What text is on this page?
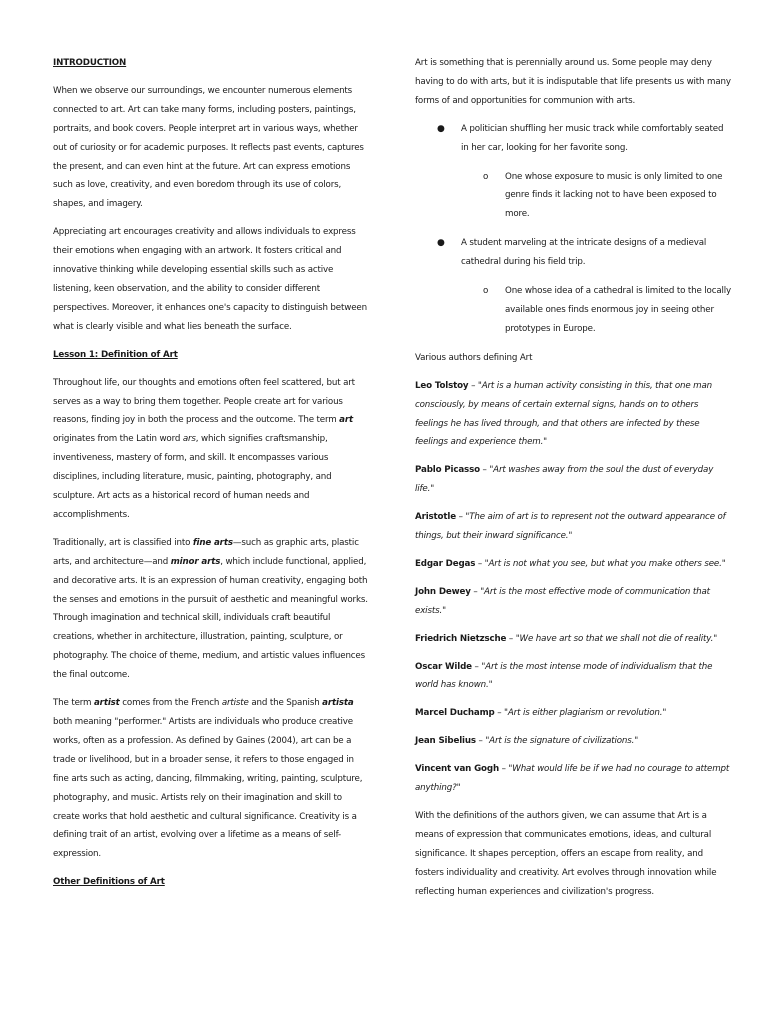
INTRODUCTION

When we observe our surroundings, we encounter numerous elements connected to art. Art can take many forms, including posters, paintings, portraits, and book covers. People interpret art in various ways, whether out of curiosity or for academic purposes. It reflects past events, captures the present, and can even hint at the future. Art can express emotions such as love, creativity, and even boredom through its use of colors, shapes, and imagery.

Appreciating art encourages creativity and allows individuals to express their emotions when engaging with an artwork. It fosters critical and innovative thinking while developing essential skills such as active listening, keen observation, and the ability to consider different perspectives. Moreover, it enhances one's capacity to distinguish between what is clearly visible and what lies beneath the surface.

Lesson 1: Definition of Art

Throughout life, our thoughts and emotions often feel scattered, but art serves as a way to bring them together. People create art for various reasons, finding joy in both the process and the outcome. The term art originates from the Latin word ars, which signifies craftsmanship, inventiveness, mastery of form, and skill. It encompasses various disciplines, including literature, music, painting, photography, and sculpture. Art acts as a historical record of human needs and accomplishments.

Traditionally, art is classified into fine arts—such as graphic arts, plastic arts, and architecture—and minor arts, which include functional, applied, and decorative arts. It is an expression of human creativity, engaging both the senses and emotions in the pursuit of aesthetic and meaningful works. Through imagination and technical skill, individuals craft beautiful creations, whether in architecture, illustration, painting, sculpture, or photography. The choice of theme, medium, and artistic values influences the final outcome.

The term artist comes from the French artiste and the Spanish artista both meaning "performer." Artists are individuals who produce creative works, often as a profession. As defined by Gaines (2004), art can be a trade or livelihood, but in a broader sense, it refers to those engaged in fine arts such as acting, dancing, filmmaking, writing, painting, sculpture, photography, and music. Artists rely on their imagination and skill to create works that hold aesthetic and cultural significance. Creativity is a defining trait of an artist, evolving over a lifetime as a means of self-expression.

Other Definitions of Art

Art is something that is perennially around us. Some people may deny having to do with arts, but it is indisputable that life presents us with many forms of and opportunities for communion with arts.

● A politician shuffling her music track while comfortably seated in her car, looking for her favorite song.
o One whose exposure to music is only limited to one genre finds it lacking not to have been exposed to more.
● A student marveling at the intricate designs of a medieval cathedral during his field trip.
o One whose idea of a cathedral is limited to the locally available ones finds enormous joy in seeing other prototypes in Europe.

Various authors defining Art

Leo Tolstoy – "Art is a human activity consisting in this, that one man consciously, by means of certain external signs, hands on to others feelings he has lived through, and that others are infected by these feelings and experience them."

Pablo Picasso – "Art washes away from the soul the dust of everyday life."

Aristotle – "The aim of art is to represent not the outward appearance of things, but their inward significance."

Edgar Degas – "Art is not what you see, but what you make others see."

John Dewey – "Art is the most effective mode of communication that exists."

Friedrich Nietzsche – "We have art so that we shall not die of reality."

Oscar Wilde – "Art is the most intense mode of individualism that the world has known."

Marcel Duchamp – "Art is either plagiarism or revolution."

Jean Sibelius – "Art is the signature of civilizations."

Vincent van Gogh – "What would life be if we had no courage to attempt anything?"

With the definitions of the authors given, we can assume that Art is a means of expression that communicates emotions, ideas, and cultural significance. It shapes perception, offers an escape from reality, and fosters individuality and creativity. Art evolves through innovation while reflecting human experiences and civilization's progress.
